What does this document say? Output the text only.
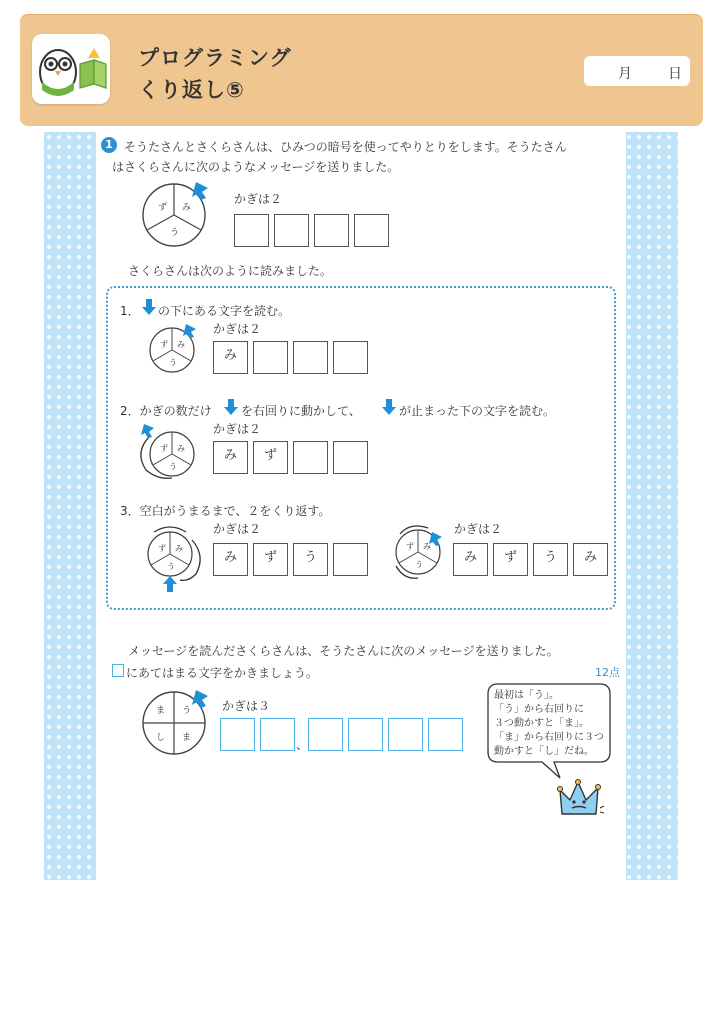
プログラミング
くり返し⑤
月	日
1 そうたさんとさくらさんは、ひみつの暗号を使ってやりとりをします。そうたさん
はさくらさんに次のようなメッセージを送りました。
ず み
う
かぎは２
さくらさんは次のように読みました。
1． の下にある文字を読む。
ず み
う
かぎは２
み
2．かぎの数だけ を右回りに動かして、	が止まった下の文字を読む。
ず み
う
かぎは２
み	ず
3．空白がうまるまで、２をくり返す。
ず み
う
かぎは２
み	ず	う
ず み
う
かぎは２
み	ず	う	み
メッセージを読んださくらさんは、そうたさんに次のメッセージを送りました。
にあてはまる文字をかきましょう。	12点
ま う
し ま
かぎは３
、
最初は「う」。
「う」から右回りに
３つ動かすと「ま」。
「ま」から右回りに３つ
動かすと「し」だね。
